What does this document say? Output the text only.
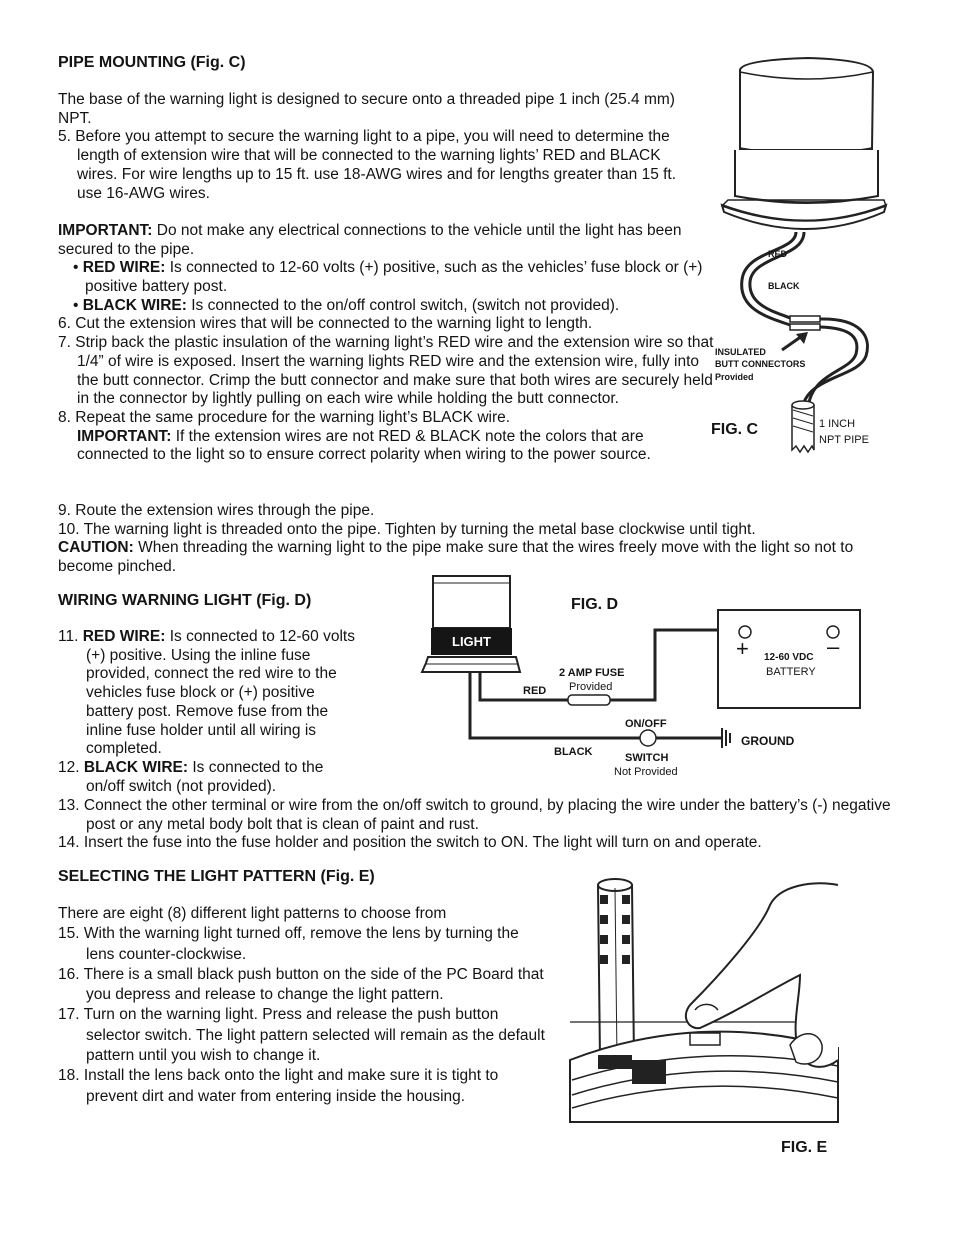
PIPE MOUNTING (Fig. C)

The base of the warning light is designed to secure onto a threaded pipe 1 inch (25.4 mm) NPT.

5. Before you attempt to secure the warning light to a pipe, you will need to determine the length of extension wire that will be connected to the warning lights’ RED and BLACK wires. For wire lengths up to 15 ft. use 18-AWG wires and for lengths greater than 15 ft. use 16-AWG wires.

IMPORTANT: Do not make any electrical connections to the vehicle until the light has been secured to the pipe.

• RED WIRE: Is connected to 12-60 volts (+) positive, such as the vehicles’ fuse block or (+) positive battery post.

• BLACK WIRE: Is connected to the on/off control switch, (switch not provided).

6. Cut the extension wires that will be connected to the warning light to length.

7. Strip back the plastic insulation of the warning light’s RED wire and the extension wire so that 1/4” of wire is exposed. Insert the warning lights RED wire and the extension wire, fully into the butt connector. Crimp the butt connector and make sure that both wires are securely held in the connector by lightly pulling on each wire while holding the butt connector.

8. Repeat the same procedure for the warning light’s BLACK wire.

IMPORTANT: If the extension wires are not RED & BLACK note the colors that are connected to the light so to ensure correct polarity when wiring to the power source.

9. Route the extension wires through the pipe.

10. The warning light is threaded onto the pipe. Tighten by turning the metal base clockwise until tight.

CAUTION: When threading the warning light to the pipe make sure that the wires freely move with the light so not to become pinched.

RED
BLACK
INSULATED
BUTT CONNECTORS
Provided
1 INCH
NPT PIPE
FIG. C
WIRING WARNING LIGHT (Fig. D)

11. RED WIRE: Is connected to 12-60 volts (+) positive. Using the inline fuse provided, connect the red wire to the vehicles fuse block or (+) positive battery post. Remove fuse from the inline fuse holder until all wiring is completed.

12. BLACK WIRE: Is connected to the on/off switch (not provided).

13. Connect the other terminal or wire from the on/off switch to ground, by placing the wire under the battery’s (-) negative post or any metal body bolt that is clean of paint and rust.

14. Insert the fuse into the fuse holder and position the switch to ON. The light will turn on and operate.

FIG. D
LIGHT	+	–
12-60 VDC
BATTERY
2 AMP FUSE
Provided
RED
ON/OFF
GROUND
BLACK	SWITCH
Not Provided
SELECTING THE LIGHT PATTERN (Fig. E)

There are eight (8) different light patterns to choose from

15. With the warning light turned off, remove the lens by turning the lens counter-clockwise.

16. There is a small black push button on the side of the PC Board that you depress and release to change the light pattern.

17. Turn on the warning light. Press and release the push button selector switch. The light pattern selected will remain as the default pattern until you wish to change it.

18. Install the lens back onto the light and make sure it is tight to prevent dirt and water from entering inside the housing.

FIG. E
